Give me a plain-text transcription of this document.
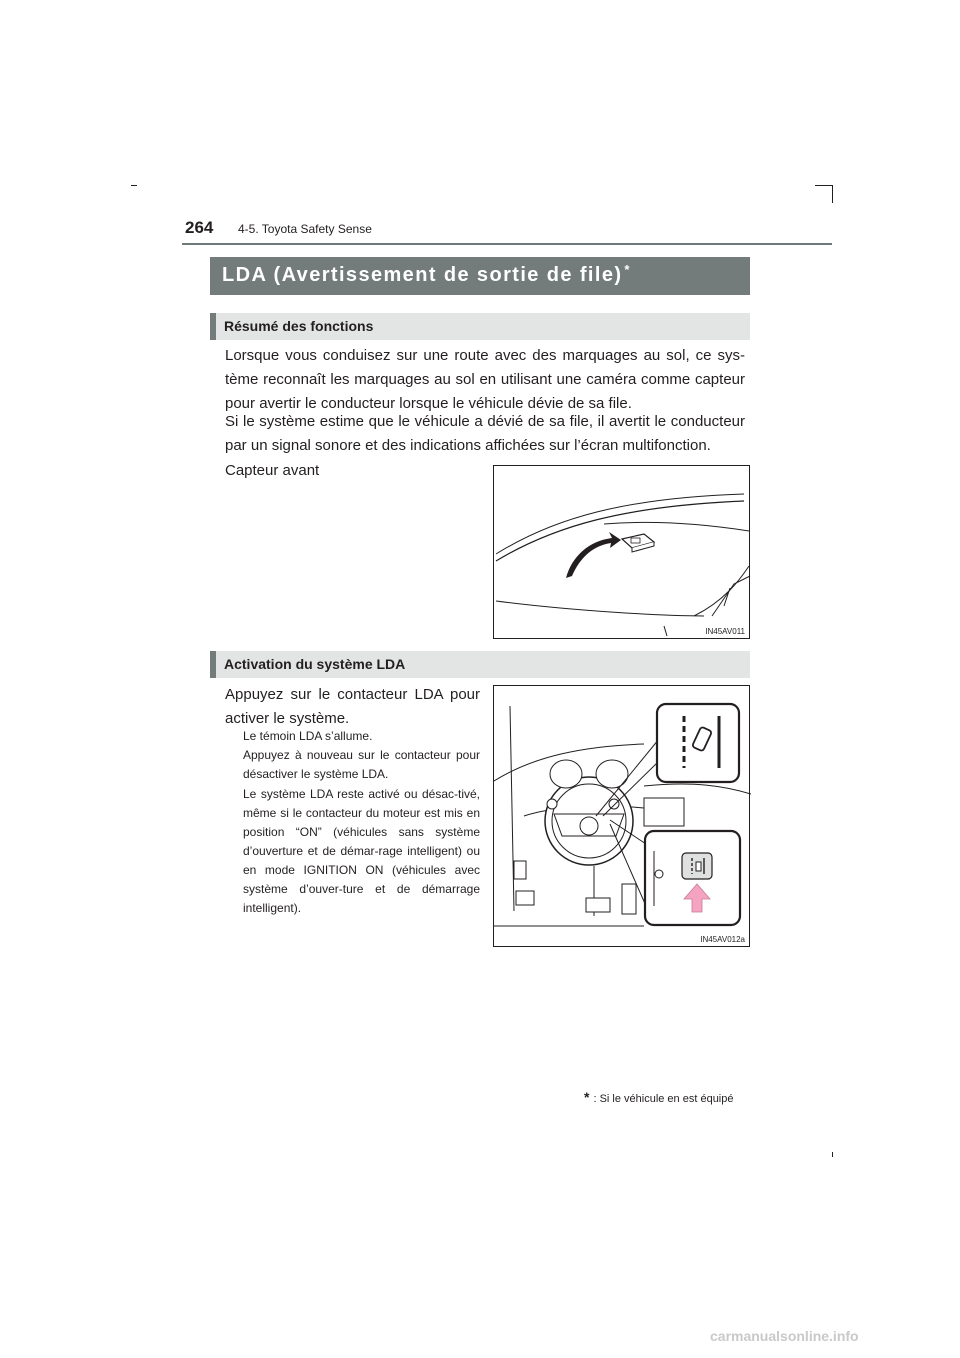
264 4-5. Toyota Safety Sense
LDA (Avertissement de sortie de file) *
Résumé des fonctions
Lorsque vous conduisez sur une route avec des marquages au sol, ce sys-tème reconnaît les marquages au sol en utilisant une caméra comme capteur pour avertir le conducteur lorsque le véhicule dévie de sa file.
Si le système estime que le véhicule a dévié de sa file, il avertit le conducteur par un signal sonore et des indications affichées sur l’écran multifonction.
Capteur avant
IN45AV011
Activation du système LDA
Appuyez sur le contacteur LDA pour activer le système.
Le témoin LDA s’allume.
Appuyez à nouveau sur le contacteur pour désactiver le système LDA.
Le système LDA reste activé ou désac-tivé, même si le contacteur du moteur est mis en position “ON” (véhicules sans système d’ouverture et de démar-rage intelligent) ou en mode IGNITION ON (véhicules avec système d’ouver-ture et de démarrage intelligent).
IN45AV012a
* : Si le véhicule en est équipé
carmanualsonline.info
